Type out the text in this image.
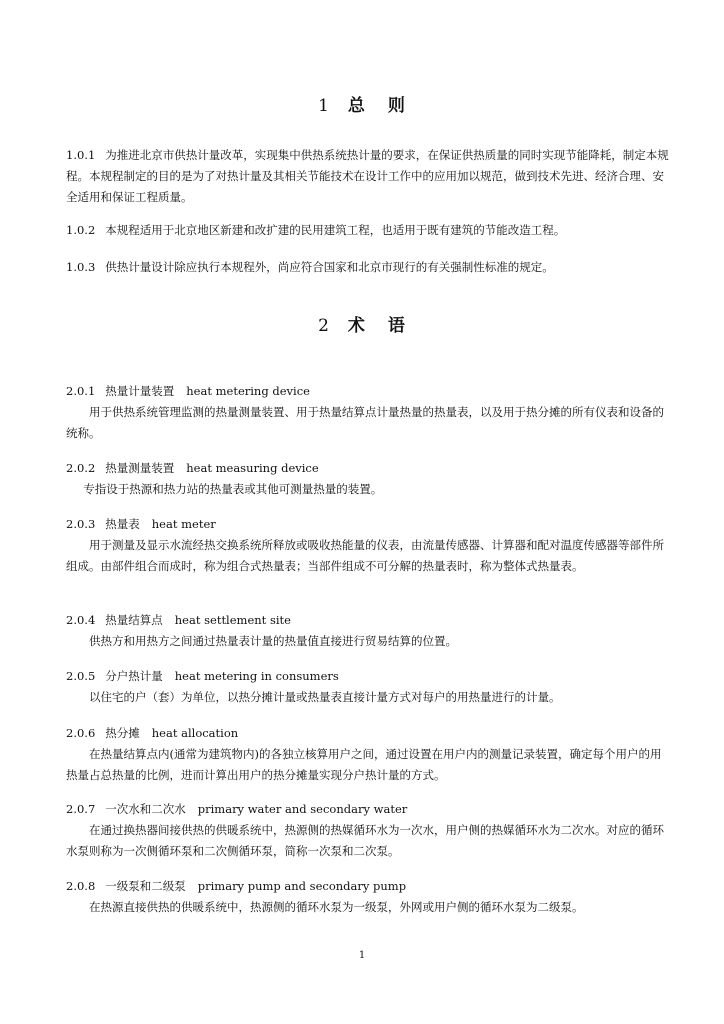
1 总 则
1.0.1 为推进北京市供热计量改革，实现集中供热系统热计量的要求，在保证供热质量的同时实现节能降耗，制定本规程。本规程制定的目的是为了对热计量及其相关节能技术在设计工作中的应用加以规范，做到技术先进、经济合理、安全适用和保证工程质量。
1.0.2 本规程适用于北京地区新建和改扩建的民用建筑工程，也适用于既有建筑的节能改造工程。
1.0.3 供热计量设计除应执行本规程外，尚应符合国家和北京市现行的有关强制性标准的规定。
2 术 语
2.0.1 热量计量装置 heat metering device
用于供热系统管理监测的热量测量装置、用于热量结算点计量热量的热量表，以及用于热分摊的所有仪表和设备的统称。
2.0.2 热量测量装置 heat measuring device
专指设于热源和热力站的热量表或其他可测量热量的装置。
2.0.3 热量表 heat meter
用于测量及显示水流经热交换系统所释放或吸收热能量的仪表，由流量传感器、计算器和配对温度传感器等部件所组成。由部件组合而成时，称为组合式热量表；当部件组成不可分解的热量表时，称为整体式热量表。
2.0.4 热量结算点 heat settlement site
供热方和用热方之间通过热量表计量的热量值直接进行贸易结算的位置。
2.0.5 分户热计量 heat metering in consumers
以住宅的户（套）为单位，以热分摊计量或热量表直接计量方式对每户的用热量进行的计量。
2.0.6 热分摊 heat allocation
在热量结算点内(通常为建筑物内)的各独立核算用户之间，通过设置在用户内的测量记录装置，确定每个用户的用热量占总热量的比例，进而计算出用户的热分摊量实现分户热计量的方式。
2.0.7 一次水和二次水 primary water and secondary water
在通过换热器间接供热的供暖系统中，热源侧的热媒循环水为一次水，用户侧的热媒循环水为二次水。对应的循环水泵则称为一次侧循环泵和二次侧循环泵，简称一次泵和二次泵。
2.0.8 一级泵和二级泵 primary pump and secondary pump
在热源直接供热的供暖系统中，热源侧的循环水泵为一级泵，外网或用户侧的循环水泵为二级泵。
1
